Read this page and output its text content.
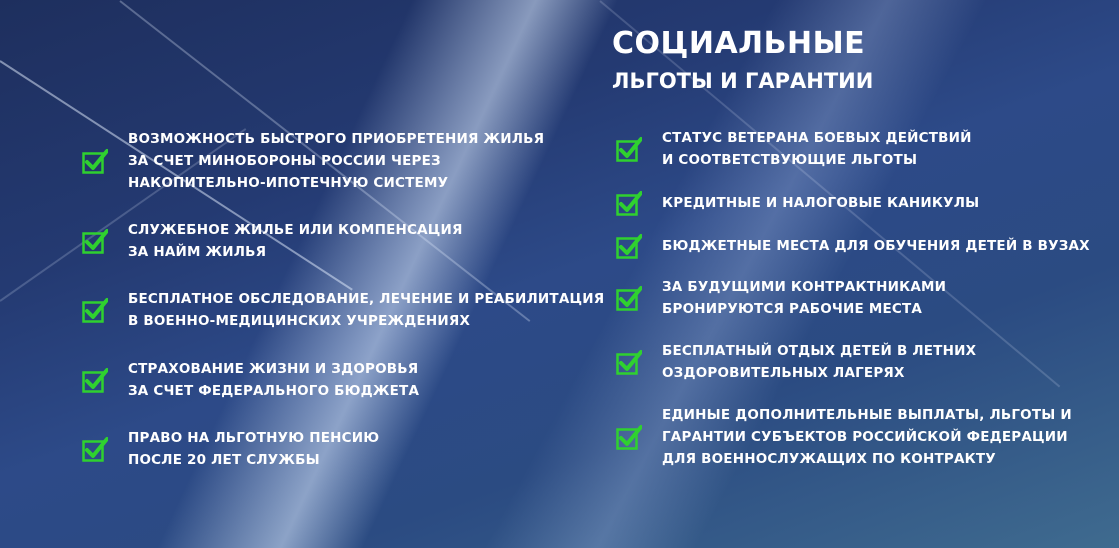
СОЦИАЛЬНЫЕ
ЛЬГОТЫ И ГАРАНТИИ
ВОЗМОЖНОСТЬ БЫСТРОГО ПРИОБРЕТЕНИЯ ЖИЛЬЯ
ЗА СЧЕТ МИНОБОРОНЫ РОССИИ ЧЕРЕЗ
НАКОПИТЕЛЬНО-ИПОТЕЧНУЮ СИСТЕМУ
СЛУЖЕБНОЕ ЖИЛЬЕ ИЛИ КОМПЕНСАЦИЯ
ЗА НАЙМ ЖИЛЬЯ
БЕСПЛАТНОЕ ОБСЛЕДОВАНИЕ, ЛЕЧЕНИЕ И РЕАБИЛИТАЦИЯ
В ВОЕННО-МЕДИЦИНСКИХ УЧРЕЖДЕНИЯХ
СТРАХОВАНИЕ ЖИЗНИ И ЗДОРОВЬЯ
ЗА СЧЕТ ФЕДЕРАЛЬНОГО БЮДЖЕТА
ПРАВО НА ЛЬГОТНУЮ ПЕНСИЮ
ПОСЛЕ 20 ЛЕТ СЛУЖБЫ
СТАТУС ВЕТЕРАНА БОЕВЫХ ДЕЙСТВИЙ
И СООТВЕТСТВУЮЩИЕ ЛЬГОТЫ
КРЕДИТНЫЕ И НАЛОГОВЫЕ КАНИКУЛЫ
БЮДЖЕТНЫЕ МЕСТА ДЛЯ ОБУЧЕНИЯ ДЕТЕЙ В ВУЗАХ
ЗА БУДУЩИМИ КОНТРАКТНИКАМИ
БРОНИРУЮТСЯ РАБОЧИЕ МЕСТА
БЕСПЛАТНЫЙ ОТДЫХ ДЕТЕЙ В ЛЕТНИХ
ОЗДОРОВИТЕЛЬНЫХ ЛАГЕРЯХ
ЕДИНЫЕ ДОПОЛНИТЕЛЬНЫЕ ВЫПЛАТЫ, ЛЬГОТЫ И
ГАРАНТИИ СУБЪЕКТОВ РОССИЙСКОЙ ФЕДЕРАЦИИ
ДЛЯ ВОЕННОСЛУЖАЩИХ ПО КОНТРАКТУ
